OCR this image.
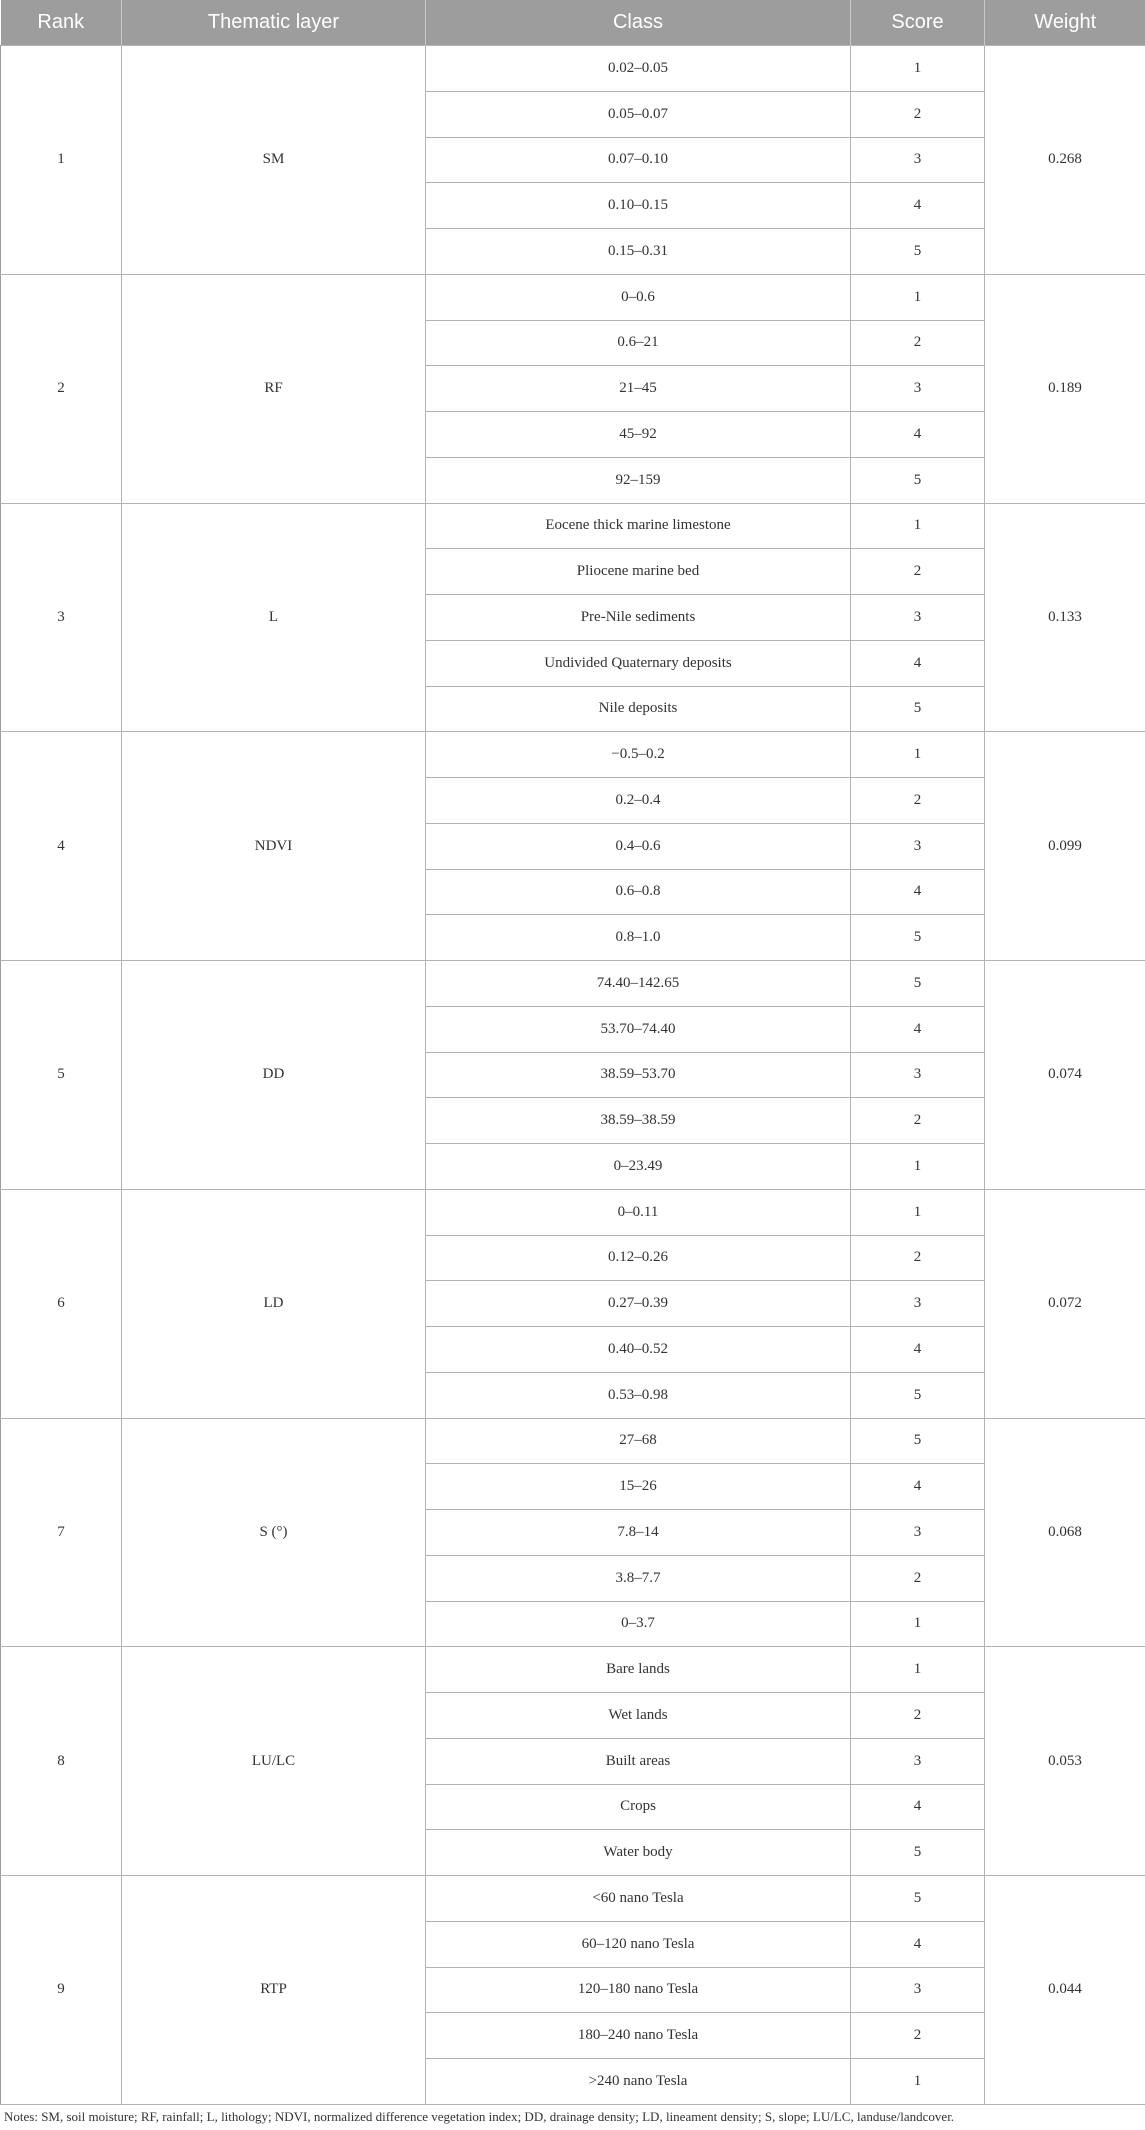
Rank	Thematic layer	Class	Score	Weight
1	SM	0.02–0.05	1	0.268
		0.05–0.07	2	
		0.07–0.10	3	
		0.10–0.15	4	
		0.15–0.31	5	
2	RF	0–0.6	1	0.189
		0.6–21	2	
		21–45	3	
		45–92	4	
		92–159	5	
3	L	Eocene thick marine limestone	1	0.133
		Pliocene marine bed	2	
		Pre-Nile sediments	3	
		Undivided Quaternary deposits	4	
		Nile deposits	5	
4	NDVI	−0.5–0.2	1	0.099
		0.2–0.4	2	
		0.4–0.6	3	
		0.6–0.8	4	
		0.8–1.0	5	
5	DD	74.40–142.65	5	0.074
		53.70–74.40	4	
		38.59–53.70	3	
		38.59–38.59	2	
		0–23.49	1	
6	LD	0–0.11	1	0.072
		0.12–0.26	2	
		0.27–0.39	3	
		0.40–0.52	4	
		0.53–0.98	5	
7	S (°)	27–68	5	0.068
		15–26	4	
		7.8–14	3	
		3.8–7.7	2	
		0–3.7	1	
8	LU/LC	Bare lands	1	0.053
		Wet lands	2	
		Built areas	3	
		Crops	4	
		Water body	5	
9	RTP	<60 nano Tesla	5	0.044
		60–120 nano Tesla	4	
		120–180 nano Tesla	3	
		180–240 nano Tesla	2	
		>240 nano Tesla	1	
Notes: SM, soil moisture; RF, rainfall; L, lithology; NDVI, normalized difference vegetation index; DD, drainage density; LD, lineament density; S, slope; LU/LC, landuse/landcover.
